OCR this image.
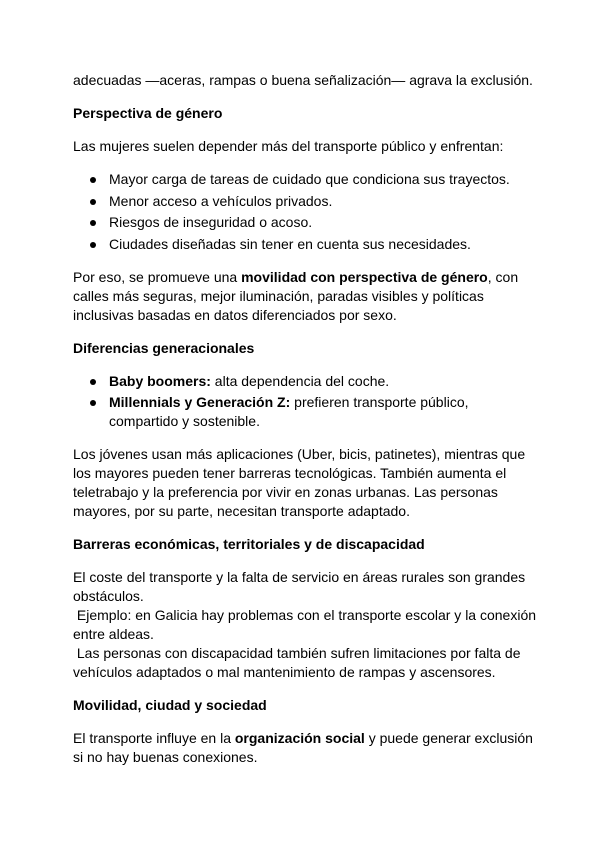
adecuadas —aceras, rampas o buena señalización— agrava la exclusión.

Perspectiva de género

Las mujeres suelen depender más del transporte público y enfrentan:

Mayor carga de tareas de cuidado que condiciona sus trayectos.
Menor acceso a vehículos privados.
Riesgos de inseguridad o acoso.
Ciudades diseñadas sin tener en cuenta sus necesidades.

Por eso, se promueve una movilidad con perspectiva de género, con calles más seguras, mejor iluminación, paradas visibles y políticas inclusivas basadas en datos diferenciados por sexo.

Diferencias generacionales
Baby boomers: alta dependencia del coche.
Millennials y Generación Z: prefieren transporte público, compartido y sostenible.

Los jóvenes usan más aplicaciones (Uber, bicis, patinetes), mientras que los mayores pueden tener barreras tecnológicas. También aumenta el teletrabajo y la preferencia por vivir en zonas urbanas. Las personas mayores, por su parte, necesitan transporte adaptado.

Barreras económicas, territoriales y de discapacidad

El coste del transporte y la falta de servicio en áreas rurales son grandes obstáculos.

Ejemplo: en Galicia hay problemas con el transporte escolar y la conexión entre aldeas.

Las personas con discapacidad también sufren limitaciones por falta de vehículos adaptados o mal mantenimiento de rampas y ascensores.

Movilidad, ciudad y sociedad

El transporte influye en la organización social y puede generar exclusión si no hay buenas conexiones.
